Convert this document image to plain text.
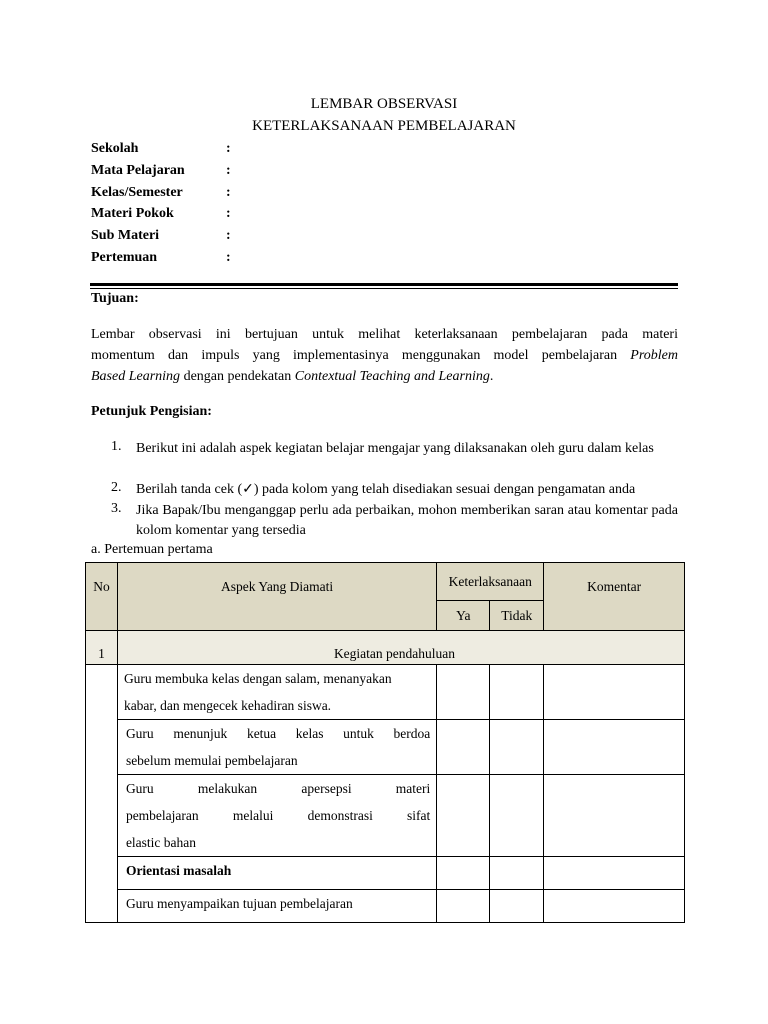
LEMBAR OBSERVASI
KETERLAKSANAAN PEMBELAJARAN
Sekolah	:
Mata Pelajaran	:
Kelas/Semester	:
Materi Pokok	:
Sub Materi	:
Pertemuan	:
Tujuan:
Lembar observasi ini bertujuan untuk melihat keterlaksanaan pembelajaran pada materi
momentum dan impuls yang implementasinya menggunakan model pembelajaran Problem
Based Learning dengan pendekatan Contextual Teaching and Learning.
Petunjuk Pengisian:
1. Berikut ini adalah aspek kegiatan belajar mengajar yang dilaksanakan oleh guru dalam kelas
2. Berilah tanda cek (✓) pada kolom yang telah disediakan sesuai dengan pengamatan anda
3. Jika Bapak/Ibu menganggap perlu ada perbaikan, mohon memberikan saran atau komentar pada kolom komentar yang tersedia
a. Pertemuan pertama
No	Aspek Yang Diamati	Keterlaksanaan		Komentar
		Ya	Tidak	
1	Kegiatan pendahuluan			

	Guru membuka kelas dengan salam, menanyakan
kabar, dan mengecek kehadiran siswa.			

	Guru menunjuk ketua kelas untuk berdoa
sebelum memulai pembelajaran			

	Guru melakukan apersepsi materi
pembelajaran melalui demonstrasi sifat
elastic bahan			

	Orientasi masalah			

	Guru menyampaikan tujuan pembelajaran			
